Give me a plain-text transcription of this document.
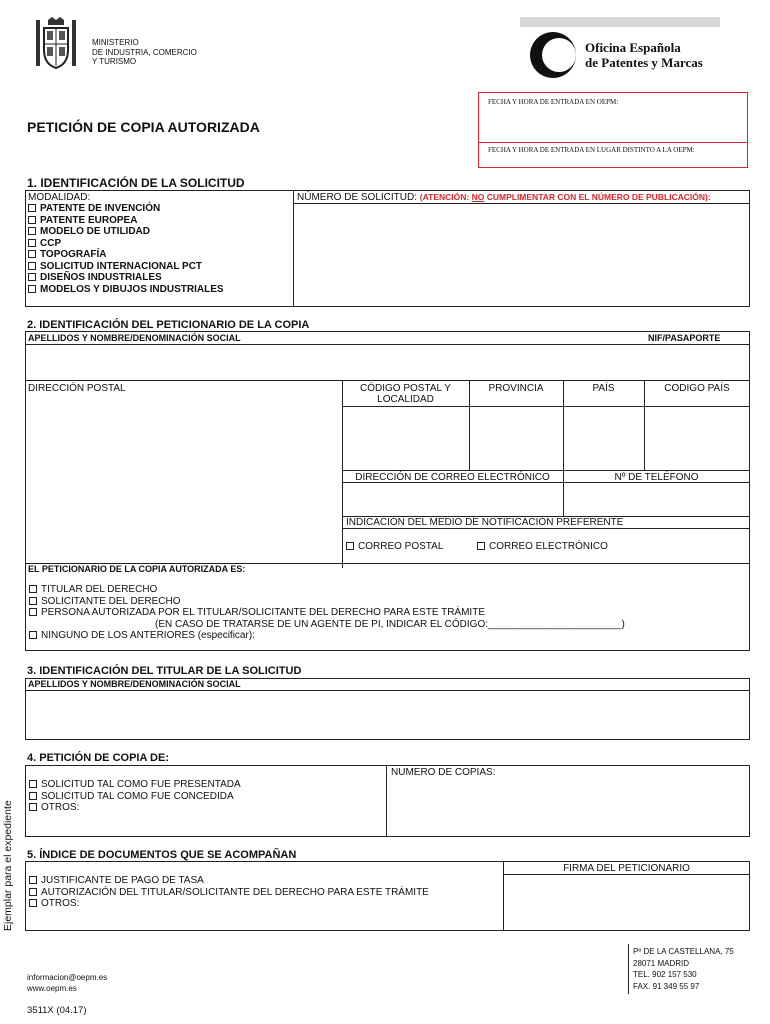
MINISTERIO
DE INDUSTRIA, COMERCIO
Y TURISMO
Oficina Española
de Patentes y Marcas
FECHA Y HORA DE ENTRADA EN OEPM:
FECHA Y HORA DE ENTRADA EN LUGAR DISTINTO A LA OEPM:
PETICIÓN DE COPIA AUTORIZADA
1. IDENTIFICACIÓN DE LA SOLICITUD
MODALIDAD:
PATENTE DE INVENCIÓN
PATENTE EUROPEA
MODELO DE UTILIDAD
CCP
TOPOGRAFÍA
SOLICITUD INTERNACIONAL PCT
DISEÑOS INDUSTRIALES
MODELOS Y DIBUJOS INDUSTRIALES
NÚMERO DE SOLICITUD: (ATENCIÓN: NO CUMPLIMENTAR CON EL NÚMERO DE PUBLICACIÓN):
2. IDENTIFICACIÓN DEL PETICIONARIO DE LA COPIA
APELLIDOS Y NOMBRE/DENOMINACIÓN SOCIAL	NIF/PASAPORTE
DIRECCIÓN POSTAL	CÓDIGO POSTAL Y
LOCALIDAD
PROVINCIA	PAÍS	CODIGO PAÍS
DIRECCIÓN DE CORREO ELECTRÓNICO	Nº DE TELÉFONO
INDICACIÓN DEL MEDIO DE NOTIFICACIÓN PREFERENTE
CORREO POSTAL	CORREO ELECTRÓNICO
EL PETICIONARIO DE LA COPIA AUTORIZADA ES:
TITULAR DEL DERECHO
SOLICITANTE DEL DERECHO
PERSONA AUTORIZADA POR EL TITULAR/SOLICITANTE DEL DERECHO PARA ESTE TRÁMITE
(EN CASO DE TRATARSE DE UN AGENTE DE PI, INDICAR EL CÓDIGO:________________________)
NINGUNO DE LOS ANTERIORES (especificar):
3. IDENTIFICACIÓN DEL TITULAR DE LA SOLICITUD
APELLIDOS Y NOMBRE/DENOMINACIÓN SOCIAL
4. PETICIÓN DE COPIA DE:
SOLICITUD TAL COMO FUE PRESENTADA
SOLICITUD TAL COMO FUE CONCEDIDA
OTROS:
NUMERO DE COPIAS:
5. ÍNDICE DE DOCUMENTOS QUE SE ACOMPAÑAN
JUSTIFICANTE DE PAGO DE TASA
AUTORIZACIÓN DEL TITULAR/SOLICITANTE DEL DERECHO PARA ESTE TRÁMITE
OTROS:
FIRMA DEL PETICIONARIO
Ejemplar para el expediente
Pº DE LA CASTELLANA, 75
28071 MADRID
TEL. 902 157 530
FAX. 91 349 55 97
informacion@oepm.es
www.oepm.es
3511X (04.17)
